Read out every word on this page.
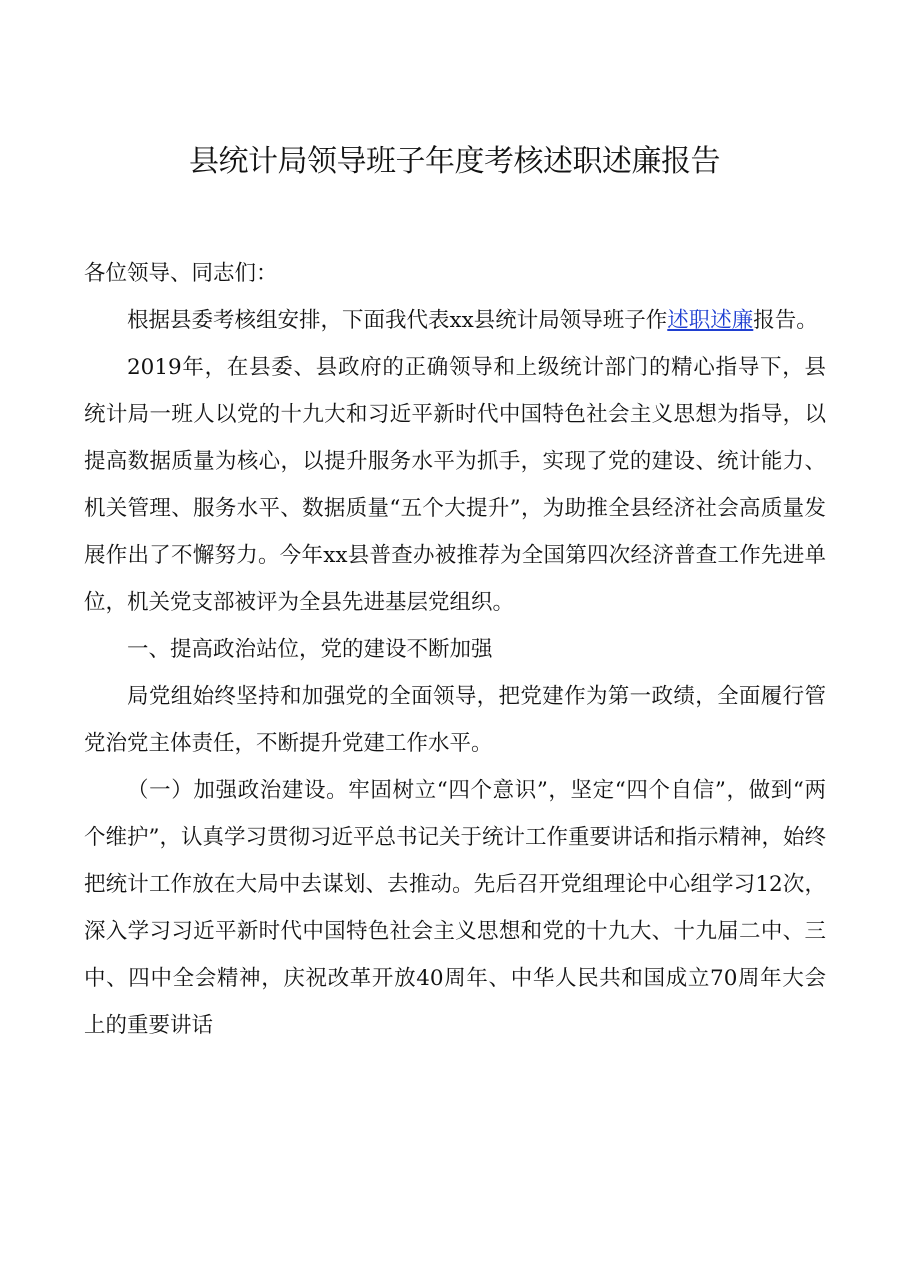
县统计局领导班子年度考核述职述廉报告

各位领导、同志们：

根据县委考核组安排，下面我代表xx县统计局领导班子作述职述廉报告。

2019年，在县委、县政府的正确领导和上级统计部门的精心指导下，县统计局一班人以党的十九大和习近平新时代中国特色社会主义思想为指导，以提高数据质量为核心，以提升服务水平为抓手，实现了党的建设、统计能力、机关管理、服务水平、数据质量“五个大提升”，为助推全县经济社会高质量发展作出了不懈努力。今年xx县普查办被推荐为全国第四次经济普查工作先进单位，机关党支部被评为全县先进基层党组织。

一、提高政治站位，党的建设不断加强

局党组始终坚持和加强党的全面领导，把党建作为第一政绩，全面履行管党治党主体责任，不断提升党建工作水平。

（一）加强政治建设。牢固树立“四个意识”，坚定“四个自信”，做到“两个维护”，认真学习贯彻习近平总书记关于统计工作重要讲话和指示精神，始终把统计工作放在大局中去谋划、去推动。先后召开党组理论中心组学习12次，深入学习习近平新时代中国特色社会主义思想和党的十九大、十九届二中、三中、四中全会精神，庆祝改革开放40周年、中华人民共和国成立70周年大会上的重要讲话
